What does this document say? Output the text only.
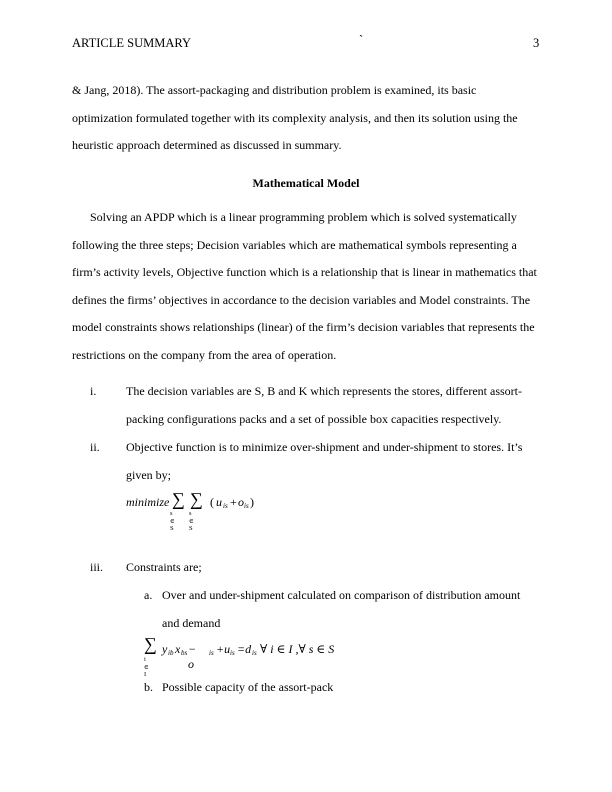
ARTICLE SUMMARY	`	3

& Jang, 2018). The assort-packaging and distribution problem is examined, its basic optimization formulated together with its complexity analysis, and then its solution using the heuristic approach determined as discussed in summary.

Mathematical Model

Solving an APDP which is a linear programming problem which is solved systematically following the three steps; Decision variables which are mathematical symbols representing a firm’s activity levels, Objective function which is a relationship that is linear in mathematics that defines the firms’ objectives in accordance to the decision variables and Model constraints. The model constraints shows relationships (linear) of the firm’s decision variables that represents the restrictions on the company from the area of operation.

i. The decision variables are S, B and K which represents the stores, different assort-packing configurations packs and a set of possible box capacities respectively.
ii. Objective function is to minimize over-shipment and under-shipment to stores. It’s given by;
minimize ∑
s ∈ S
∑
s ∈ S
( u is + o is )
iii. Constraints are;
a. Over and under-shipment calculated on comparison of distribution amount and demand
∑
i ∈ I
y ib x bs − o
is +u is =d is ∀ i ∈ I ,∀ s ∈ S
b. Possible capacity of the assort-pack
